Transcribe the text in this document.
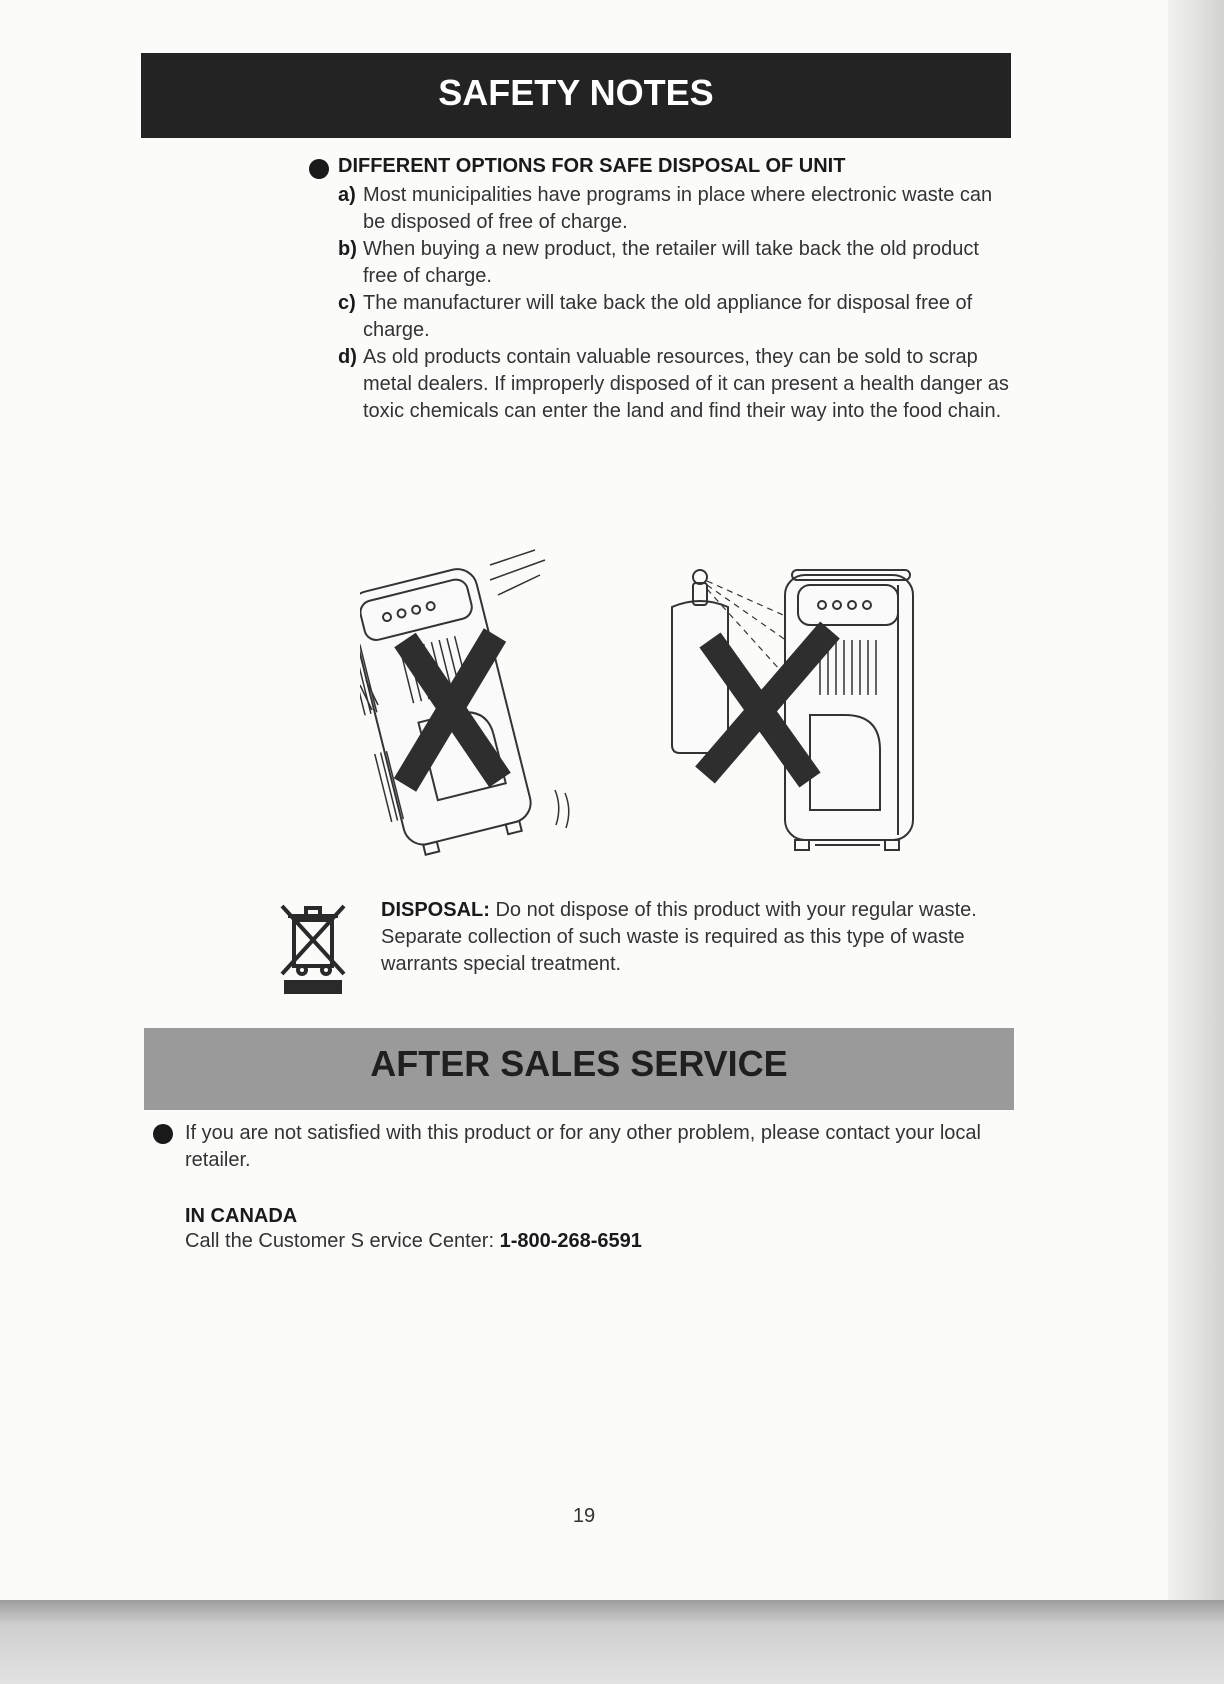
SAFETY NOTES
DIFFERENT OPTIONS FOR SAFE DISPOSAL OF UNIT
a) Most municipalities have programs in place where electronic waste can be disposed of free of charge.
b) When buying a new product, the retailer will take back the old product free of charge.
c) The manufacturer will take back the old appliance for disposal free of charge.
d) As old products contain valuable resources, they can be sold to scrap metal dealers. If improperly disposed of it can present a health danger as toxic chemicals can enter the land and find their way into the food chain.
DISPOSAL: Do not dispose of this product with your regular waste. Separate collection of such waste is required as this type of waste warrants special treatment.
AFTER SALES SERVICE
If you are not satisfied with this product or for any other problem, please contact your local retailer.
IN CANADA
Call the Customer S ervice Center: 1-800-268-6591
19
